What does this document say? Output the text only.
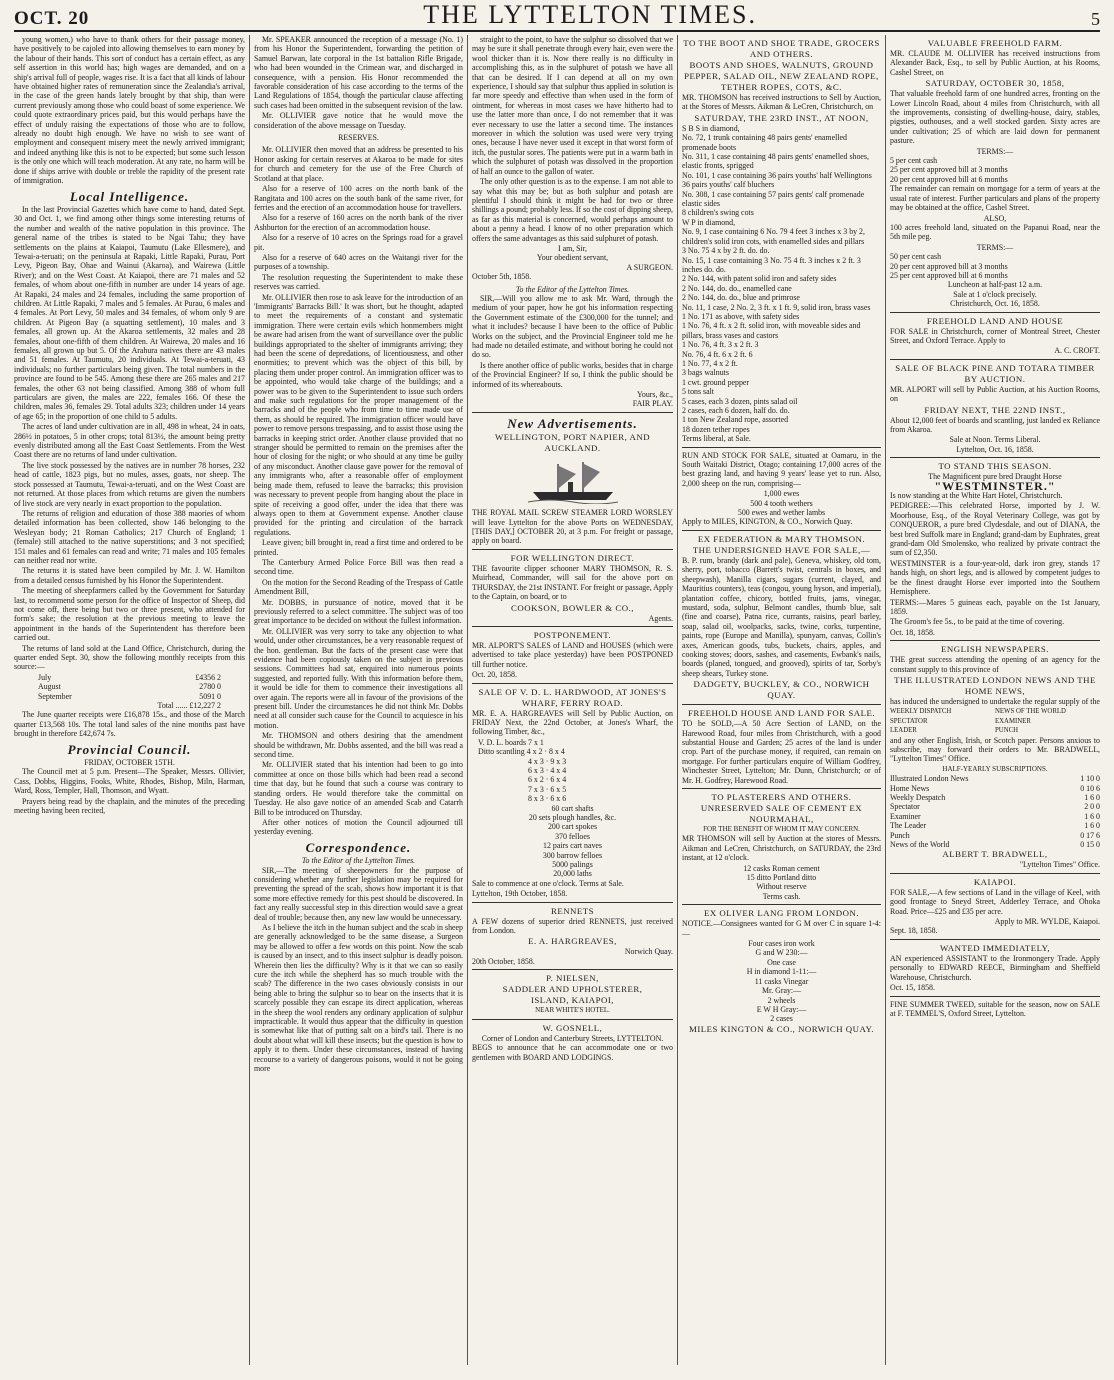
OCT. 20	THE LYTTELTON TIMES.	5

young women,) who have to thank others for their passage money, have positively to be cajoled into allowing themselves to earn money by the labour of their hands. This sort of conduct has a certain effect, as any self assertion in this world has; high wages are demanded, and on a ship's arrival full of people, wages rise. It is a fact that all kinds of labour have obtained higher rates of remuneration since the Zealandia's arrival, in the case of the green hands lately brought by that ship, than were current previously among those who could boast of some experience. We could quote extraordinary prices paid, but this would perhaps have the effect of unduly raising the expectations of those who are to follow, already no doubt high enough. We have no wish to see want of employment and consequent misery meet the newly arrived immigrant; and indeed anything like this is not to be expected; but some such lesson is the only one which will teach moderation. At any rate, no harm will be done if ships arrive with double or treble the rapidity of the present rate of immigration.

Local Intelligence.

In the last Provincial Gazettes which have come to hand, dated Sept. 30 and Oct. 1, we find among other things some interesting returns of the number and wealth of the native population in this province. The general name of the tribes is stated to be Ngai Tahu; they have settlements on the plains at Kaiapoi, Taumutu (Lake Ellesmere), and Tewai-a-teruati; on the peninsula at Rapaki, Little Rapaki, Purau, Port Levy, Pigeon Bay, Ohae and Wainui (Akaroa), and Wairewa (Little River); and on the West Coast. At Kaiapoi, there are 71 males and 52 females, of whom about one-fifth in number are under 14 years of age. At Rapaki, 24 males and 24 females, including the same proportion of children. At Little Rapaki, 7 males and 5 females. At Purau, 6 males and 4 females. At Port Levy, 50 males and 34 females, of whom only 9 are children. At Pigeon Bay (a squatting settlement), 10 males and 3 females, all grown up. At the Akaroa settlements, 32 males and 28 females, about one-fifth of them children. At Wairewa, 20 males and 16 females, all grown up but 5. Of the Arahura natives there are 43 males and 51 females. At Taumutu, 20 individuals. At Tewai-a-teruati, 43 individuals; no further particulars being given. The total numbers in the province are found to be 545. Among these there are 265 males and 217 females, the other 63 not being classified. Among 388 of whom full particulars are given, the males are 222, females 166. Of these the children, males 36, females 29. Total adults 323; children under 14 years of age 65; in the proportion of one child to 5 adults.

The acres of land under cultivation are in all, 498 in wheat, 24 in oats, 286½ in potatoes, 5 in other crops; total 813½, the amount being pretty evenly distributed among all the East Coast Settlements. From the West Coast there are no returns of land under cultivation.

The live stock possessed by the natives are in number 78 horses, 232 head of cattle, 1823 pigs, but no mules, asses, goats, nor sheep. The stock possessed at Taumutu, Tewai-a-teruati, and on the West Coast are not returned. At those places from which returns are given the numbers of live stock are very nearly in exact proportion to the population.

The returns of religion and education of those 388 maories of whom detailed information has been collected, show 146 belonging to the Wesleyan body; 21 Roman Catholics; 217 Church of England; 1 (female) still attached to the native superstitions; and 3 not specified; 151 males and 61 females can read and write; 71 males and 105 females can neither read nor write.

The returns it is stated have been compiled by Mr. J. W. Hamilton from a detailed census furnished by his Honor the Superintendent.

The meeting of sheepfarmers called by the Government for Saturday last, to recommend some person for the office of Inspector of Sheep, did not come off, there being but two or three present, who attended for form's sake; the resolution at the previous meeting to leave the appointment in the hands of the Superintendent has therefore been carried out.

The returns of land sold at the Land Office, Christchurch, during the quarter ended Sept. 30, show the following monthly receipts from this source:—

July	£4356 2
August	2780 0
September	5091 0
Total ...... £12,227 2

The June quarter receipts were £16,878 15s., and those of the March quarter £13,568 10s. The total land sales of the nine months past have brought in therefore £42,674 7s.

Provincial Council.
FRIDAY, OCTOBER 15TH.

The Council met at 5 p.m. Present—The Speaker, Messrs. Ollivier, Cass, Dobbs, Higgins, Fooks, White, Rhodes, Bishop, Miln, Harman, Ward, Ross, Templer, Hall, Thomson, and Wyatt.

Prayers being read by the chaplain, and the minutes of the preceding meeting having been recited,

Mr. SPEAKER announced the reception of a message (No. 1) from his Honor the Superintendent, forwarding the petition of Samuel Barwan, late corporal in the 1st battalion Rifle Brigade, who had been wounded in the Crimean war, and discharged in consequence, with a pension. His Honor recommended the favorable consideration of his case according to the terms of the Land Regulations of 1854, though the particular clause affecting such cases had been omitted in the subsequent revision of the law.

Mr. OLLIVIER gave notice that he would move the consideration of the above message on Tuesday.

RESERVES.

Mr. OLLIVIER then moved that an address be presented to his Honor asking for certain reserves at Akaroa to be made for sites for church and cemetery for the use of the Free Church of Scotland at that place.

Also for a reserve of 100 acres on the north bank of the Rangitata and 100 acres on the south bank of the same river, for ferries and the erection of an accommodation house for travellers.

Also for a reserve of 160 acres on the north bank of the river Ashburton for the erection of an accommodation house.

Also for a reserve of 10 acres on the Springs road for a gravel pit.

Also for a reserve of 640 acres on the Waitangi river for the purposes of a township.

The resolution requesting the Superintendent to make these reserves was carried.

Mr. OLLIVIER then rose to ask leave for the introduction of an 'Immigrants' Barracks Bill.' It was short, but he thought, adapted to meet the requirements of a constant and systematic immigration. There were certain evils which honmembers might be aware had arisen from the want of surveillance over the public buildings appropriated to the shelter of immigrants arriving; they had been the scene of depredations, of licentiousness, and other enormities; to prevent which was the object of this bill, by placing them under proper control. An immigration officer was to be appointed, who would take charge of the buildings; and a power was to be given to the Superintendent to issue such orders and make such regulations for the proper management of the barracks and of the people who from time to time made use of them, as should be required. The immigration officer would have power to remove persons trespassing, and to assist those using the barracks in keeping strict order. Another clause provided that no stranger should be permitted to remain on the premises after the hour of closing for the night; or who should at any time be guilty of any misconduct. Another clause gave power for the removal of any immigrants who, after a reasonable offer of employment being made them, refused to leave the barracks; this provision was necessary to prevent people from hanging about the place in spite of receiving a good offer, under the idea that there was always open to them at Government expense. Another clause provided for the printing and circulation of the barrack regulations.

Leave given; bill brought in, read a first time and ordered to be printed.

The Canterbury Armed Police Force Bill was then read a second time.

On the motion for the Second Reading of the Trespass of Cattle Amendment Bill,

Mr. DOBBS, in pursuance of notice, moved that it be previously referred to a select committee. The subject was of too great importance to be decided on without the fullest information.

Mr. OLLIVIER was very sorry to take any objection to what would, under other circumstances, be a very reasonable request of the hon. gentleman. But the facts of the present case were that evidence had been copiously taken on the subject in previous sessions. Committees had sat, enquired into numerous points suggested, and reported fully. With this information before them, it would be idle for them to commence their investigations all over again. The reports were all in favour of the provisions of the present bill. Under the circumstances he did not think Mr. Dobbs need at all consider such cause for the Council to acquiesce in his motion.

Mr. THOMSON and others desiring that the amendment should be withdrawn, Mr. Dobbs assented, and the bill was read a second time.

Mr. OLLIVIER stated that his intention had been to go into committee at once on those bills which had been read a second time that day, but he found that such a course was contrary to standing orders. He would therefore take the committal on Tuesday. He also gave notice of an amended Scab and Catarrh Bill to be introduced on Thursday.

After other notices of motion the Council adjourned till yesterday evening.

Correspondence.
To the Editor of the Lyttelton Times.

SIR,—The meeting of sheepowners for the purpose of considering whether any further legislation may be required for preventing the spread of the scab, shows how important it is that some more effective remedy for this pest should be discovered. In fact any really successful step in this direction would save a great deal of trouble; because then, any new law would be unnecessary.

As I believe the itch in the human subject and the scab in sheep are generally acknowledged to be the same disease, a Surgeon may be allowed to offer a few words on this point. Now the scab is caused by an insect, and to this insect sulphur is deadly poison. Wherein then lies the difficulty? Why is it that we can so easily cure the itch while the shepherd has so much trouble with the scab? The difference in the two cases obviously consists in our being able to bring the sulphur so to bear on the insects that it is scarcely possible they can escape its direct application, whereas in the sheep the wool renders any ordinary application of sulphur impracticable. It would thus appear that the difficulty in question is somewhat like that of putting salt on a bird's tail. There is no doubt about what will kill these insects; but the question is how to apply it to them. Under these circumstances, instead of having recourse to a variety of dangerous poisons, would it not be going more

straight to the point, to have the sulphur so dissolved that we may be sure it shall penetrate through every hair, even were the wool thicker than it is. Now there really is no difficulty in accomplishing this, as in the sulphuret of potash we have all that can be desired. If I can depend at all on my own experience, I should say that sulphur thus applied in solution is far more speedy and effective than when used in the form of ointment, for whereas in most cases we have hitherto had to use the latter more than once, I do not remember that it was ever necessary to use the latter a second time. The instances moreover in which the solution was used were very trying ones, because I have never used it except in that worst form of itch, the pustular sores. The patients were put in a warm bath in which the sulphuret of potash was dissolved in the proportion of half an ounce to the gallon of water.

The only other question is as to the expense. I am not able to say what this may be; but as both sulphur and potash are plentiful I should think it might be had for two or three shillings a pound; probably less. If so the cost of dipping sheep, as far as this material is concerned, would perhaps amount to about a penny a head. I know of no other preparation which offers the same advantages as this said sulphuret of potash.

I am, Sir,
Your obedient servant,
A SURGEON.
October 5th, 1858.
To the Editor of the Lyttelton Times.

SIR,—Will you allow me to ask Mr. Ward, through the medium of your paper, how he got his information respecting the Government estimate of the £300,000 for the tunnel; and what it includes? because I have been to the office of Public Works on the subject, and the Provincial Engineer told me he had made no detailed estimate, and without boring he could not do so.

Is there another office of public works, besides that in charge of the Provincial Engineer? If so, I think the public should be informed of its whereabouts.

Yours, &c.,
FAIR PLAY.
New Advertisements.
WELLINGTON, PORT NAPIER, AND AUCKLAND.

THE ROYAL MAIL SCREW STEAMER LORD WORSLEY will leave Lyttelton for the above Ports on WEDNESDAY, [THIS DAY,] OCTOBER 20, at 3 p.m. For freight or passage, apply on board.

FOR WELLINGTON DIRECT.

THE favourite clipper schooner MARY THOMSON, R. S. Muirhead, Commander, will sail for the above port on THURSDAY, the 21st INSTANT. For freight or passage, Apply to the Captain, on board, or to

COOKSON, BOWLER & CO.,
Agents.
POSTPONEMENT.

MR. ALPORT'S SALES of LAND and HOUSES (which were advertised to take place yesterday) have been POSTPONED till further notice.

Oct. 20, 1858.

SALE OF V. D. L. HARDWOOD, AT JONES'S WHARF, FERRY ROAD.

MR. E. A. HARGREAVES will Sell by Public Auction, on FRIDAY Next, the 22nd October, at Jones's Wharf, the following Timber, &c.,

V. D. L. boards 7 x 1
Ditto scantling 4 x 2 · 8 x 4
4 x 3 · 9 x 3
6 x 3 · 4 x 4
6 x 2 · 6 x 4
7 x 3 · 6 x 5
8 x 3 · 6 x 6
60 cart shafts
20 sets plough handles, &c.
200 cart spokes
370 felloes
12 pairs cart naves
300 barrow felloes
5000 palings
20,000 laths

Sale to commence at one o'clock. Terms at Sale.

Lyttelton, 19th October, 1858.

RENNETS

A FEW dozens of superior dried RENNETS, just received from London.

E. A. HARGREAVES,
Norwich Quay.

20th October, 1858.

P. NIELSEN,
SADDLER AND UPHOLSTERER,
ISLAND, KAIAPOI,
NEAR WHITE'S HOTEL.
W. GOSNELL,
Corner of London and Canterbury Streets, LYTTELTON.

BEGS to announce that he can accommodate one or two gentlemen with BOARD AND LODGINGS.

TO THE BOOT AND SHOE TRADE, GROCERS AND OTHERS.
BOOTS AND SHOES, WALNUTS, GROUND PEPPER, SALAD OIL, NEW ZEALAND ROPE, TETHER ROPES, COTS, &C.

MR. THOMSON has received instructions to Sell by Auction, at the Stores of Messrs. Aikman & LeCren, Christchurch, on

SATURDAY, THE 23RD INST., AT NOON,
S B S in diamond,
No. 72, 1 trunk containing 48 pairs gents' enamelled promenade boots
No. 311, 1 case containing 48 pairs gents' enamelled shoes, elastic fronts, sprigged
No. 101, 1 case containing 36 pairs youths' half Wellingtons
36 pairs youths' calf bluchers
No. 308, 1 case containing 57 pairs gents' calf promenade elastic sides
8 children's swing cots
W P in diamond,
No. 9, 1 case containing 6 No. 79 4 feet 3 inches x 3 by 2, children's solid iron cots, with enamelled sides and pillars
3 No. 75 4 x by 2 ft. do. do.
No. 15, 1 case containing 3 No. 75 4 ft. 3 inches x 2 ft. 3 inches do. do.
2 No. 144, with patent solid iron and safety sides
2 No. 144, do. do., enamelled cane
2 No. 144, do. do., blue and primrose
No. 11, 1 case, 2 No. 2, 3 ft. x 1 ft. 9, solid iron, brass vases
1 No. 171 as above, with safety sides
1 No. 76, 4 ft. x 2 ft. solid iron, with moveable sides and pillars, brass vases and castors
1 No. 76, 4 ft. 3 x 2 ft. 3
No. 76, 4 ft. 6 x 2 ft. 6
1 No. 77, 4 x 2 ft.
3 bags walnuts
1 cwt. ground pepper
5 tons salt
5 cases, each 3 dozen, pints salad oil
2 cases, each 6 dozen, half do. do.
1 ton New Zealand rope, assorted
18 dozen tether ropes
Terms liberal, at Sale.

RUN AND STOCK FOR SALE, situated at Oamaru, in the South Waitaki District, Otago; containing 17,000 acres of the best grazing land, and having 9 years' lease yet to run. Also, 2,000 sheep on the run, comprising—

1,000 ewes
500 4 tooth wethers
500 ewes and wether lambs

Apply to MILES, KINGTON, & CO., Norwich Quay.

EX FEDERATION & MARY THOMSON.
THE UNDERSIGNED HAVE FOR SALE,—

B. P. rum, brandy (dark and pale), Geneva, whiskey, old tom, sherry, port, tobacco (Barrett's twist, centrals in boxes, and sheepwash), Manilla cigars, sugars (current, clayed, and Mauritius counters), teas (congou, young hyson, and imperial), plantation coffee, chicory, bottled fruits, jams, vinegar, mustard, soda, sulphur, Belmont candles, thumb blue, salt (fine and coarse), Patna rice, currants, raisins, pearl barley, soap, salad oil, woolpacks, sacks, twine, corks, turpentine, paints, rope (Europe and Manilla), spunyarn, canvas, Collin's axes, American goods, tubs, buckets, chairs, apples, and cooking stoves; doors, sashes, and casements, Ewbank's nails, boards (planed, tongued, and grooved), spirits of tar, Sorby's sheep shears, Turkey stone.

DADGETY, BUCKLEY, & CO., NORWICH QUAY.
FREEHOLD HOUSE AND LAND FOR SALE.

TO be SOLD,—A 50 Acre Section of LAND, on the Harewood Road, four miles from Christchurch, with a good substantial House and Garden; 25 acres of the land is under crop. Part of the purchase money, if required, can remain on mortgage. For further particulars enquire of William Godfrey, Winchester Street, Lyttelton; Mr. Dunn, Christchurch; or of Mr. H. Godfrey, Harewood Road.

TO PLASTERERS AND OTHERS.
UNRESERVED SALE OF CEMENT EX NOURMAHAL,
FOR THE BENEFIT OF WHOM IT MAY CONCERN.

MR THOMSON will sell by Auction at the stores of Messrs. Aikman and LeCren, Christchurch, on SATURDAY, the 23rd instant, at 12 o'clock.

12 casks Roman cement
15 ditto Portland ditto
Without reserve
Terms cash.
EX OLIVER LANG FROM LONDON.

NOTICE.—Consignees wanted for G M over C in square 1-4:—

Four cases iron work
G and W 230:—
One case
H in diamond 1-11:—
11 casks Vinegar
Mr. Gray:—
2 wheels
E W H Gray:—
2 cases
MILES KINGTON & CO., NORWICH QUAY.
VALUABLE FREEHOLD FARM.

MR. CLAUDE M. OLLIVIER has received instructions from Alexander Back, Esq., to sell by Public Auction, at his Rooms, Cashel Street, on

SATURDAY, OCTOBER 30, 1858,

That valuable freehold farm of one hundred acres, fronting on the Lower Lincoln Road, about 4 miles from Christchurch, with all the improvements, consisting of dwelling-house, dairy, stables, pigsties, outhouses, and a well stocked garden. Sixty acres are under cultivation; 25 of which are laid down for permanent pasture.

TERMS:—
5 per cent cash
25 per cent approved bill at 3 months
20 per cent approved bill at 6 months

The remainder can remain on mortgage for a term of years at the usual rate of interest. Further particulars and plans of the property may be obtained at the office, Cashel Street.

ALSO,

100 acres freehold land, situated on the Papanui Road, near the 5th mile peg.

TERMS:—
50 per cent cash
20 per cent approved bill at 3 months
25 per cent approved bill at 6 months
Luncheon at half-past 12 a.m.
Sale at 1 o'clock precisely.
Christchurch, Oct. 16, 1858.
FREEHOLD LAND AND HOUSE

FOR SALE in Christchurch, corner of Montreal Street, Chester Street, and Oxford Terrace. Apply to

A. C. CROFT.
SALE OF BLACK PINE AND TOTARA TIMBER BY AUCTION.

MR. ALPORT will sell by Public Auction, at his Auction Rooms, on

FRIDAY NEXT, THE 22ND INST.,

About 12,000 feet of boards and scantling, just landed ex Reliance from Akaroa.

Sale at Noon. Terms Liberal.
Lyttelton, Oct. 16, 1858.
TO STAND THIS SEASON.
The Magnificent pure bred Draught Horse
"WESTMINSTER."

Is now standing at the White Hart Hotel, Christchurch.

PEDIGREE:—This celebrated Horse, imported by J. W. Moorhouse, Esq., of the Royal Veterinary College, was got by CONQUEROR, a pure bred Clydesdale, and out of DIANA, the best bred Suffolk mare in England; grand-dam by Euphrates, great grand-dam Old Smolensko, who realized by private contract the sum of £2,350.

WESTMINSTER is a four-year-old, dark iron grey, stands 17 hands high, on short legs, and is allowed by competent judges to be the finest draught Horse ever imported into the Southern Hemisphere.

TERMS:—Mares 5 guineas each, payable on the 1st January, 1859.

The Groom's fee 5s., to be paid at the time of covering.

Oct. 18, 1858.

ENGLISH NEWSPAPERS.

THE great success attending the opening of an agency for the constant supply to this province of

THE ILLUSTRATED LONDON NEWS AND THE HOME NEWS,

has induced the undersigned to undertake the regular supply of the

WEEKLY DISPATCH	NEWS OF THE WORLD
SPECTATOR	EXAMINER
LEADER	PUNCH

and any other English, Irish, or Scotch paper. Persons anxious to subscribe, may forward their orders to Mr. BRADWELL, "Lyttelton Times" Office.

HALF-YEARLY SUBSCRIPTIONS.
Illustrated London News	1 10 0
Home News	0 10 6
Weekly Despatch	1 6 0
Spectator	2 0 0
Examiner	1 6 0
The Leader	1 6 0
Punch	0 17 6
News of the World	0 15 0
ALBERT T. BRADWELL,
"Lyttelton Times" Office.
KAIAPOI.

FOR SALE,—A few sections of Land in the village of Keel, with good frontage to Sneyd Street, Adderley Terrace, and Ohoka Road. Price—£25 and £35 per acre.

Apply to MR. WYLDE, Kaiapoi.
Sept. 18, 1858.
WANTED IMMEDIATELY,

AN experienced ASSISTANT to the Ironmongery Trade. Apply personally to EDWARD REECE, Birmingham and Sheffield Warehouse, Christchurch.

Oct. 15, 1858.

FINE SUMMER TWEED, suitable for the season, now on SALE at F. TEMMEL'S, Oxford Street, Lyttelton.
